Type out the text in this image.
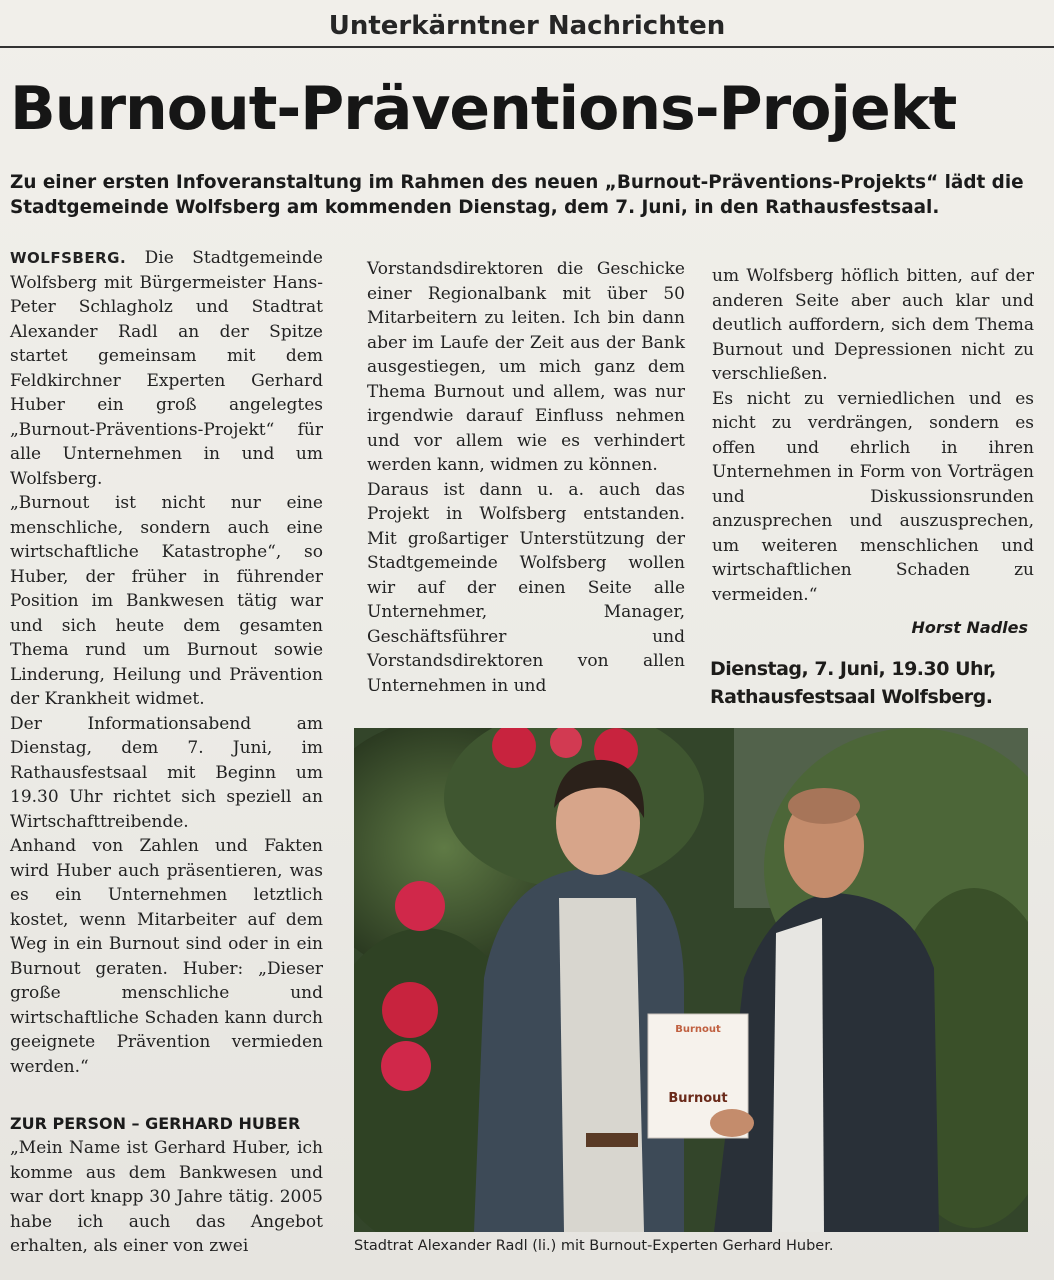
Unterkärntner Nachrichten
Burnout-Präventions-Projekt
Zu einer ersten Infoveranstaltung im Rahmen des neuen „Burnout-Präventions-Projekts“ lädt die Stadtgemeinde Wolfsberg am kommenden Dienstag, dem 7. Juni, in den Rathausfestsaal.

WOLFSBERG. Die Stadtgemeinde Wolfsberg mit Bürgermeister Hans-Peter Schlagholz und Stadtrat Alexander Radl an der Spitze startet gemeinsam mit dem Feldkirchner Experten Gerhard Huber ein groß angelegtes „Burnout-Präventions-Projekt“ für alle Unternehmen in und um Wolfsberg.

„Burnout ist nicht nur eine menschliche, sondern auch eine wirtschaftliche Katastrophe“, so Huber, der früher in führender Position im Bankwesen tätig war und sich heute dem gesamten Thema rund um Burnout sowie Linderung, Heilung und Prävention der Krankheit widmet.

Der Informationsabend am Dienstag, dem 7. Juni, im Rathausfestsaal mit Beginn um 19.30 Uhr richtet sich speziell an Wirtschafttreibende.

Anhand von Zahlen und Fakten wird Huber auch präsentieren, was es ein Unternehmen letztlich kostet, wenn Mitarbeiter auf dem Weg in ein Burnout sind oder in ein Burnout geraten. Huber: „Dieser große menschliche und wirtschaftliche Schaden kann durch geeignete Prävention vermieden werden.“

ZUR PERSON – GERHARD HUBER

„Mein Name ist Gerhard Huber, ich komme aus dem Bankwesen und war dort knapp 30 Jahre tätig. 2005 habe ich auch das Angebot erhalten, als einer von zwei

Vorstandsdirektoren die Geschicke einer Regionalbank mit über 50 Mitarbeitern zu leiten. Ich bin dann aber im Laufe der Zeit aus der Bank ausgestiegen, um mich ganz dem Thema Burnout und allem, was nur irgendwie darauf Einfluss nehmen und vor allem wie es verhindert werden kann, widmen zu können.

Daraus ist dann u. a. auch das Projekt in Wolfsberg entstanden. Mit großartiger Unterstützung der Stadtgemeinde Wolfsberg wollen wir auf der einen Seite alle Unternehmer, Manager, Geschäftsführer und Vorstandsdirektoren von allen Unternehmen in und

um Wolfsberg höflich bitten, auf der anderen Seite aber auch klar und deutlich auffordern, sich dem Thema Burnout und Depressionen nicht zu verschließen.

Es nicht zu verniedlichen und es nicht zu verdrängen, sondern es offen und ehrlich in ihren Unternehmen in Form von Vorträgen und Diskussionsrunden anzusprechen und auszusprechen, um weiteren menschlichen und wirtschaftlichen Schaden zu vermeiden.“

Horst Nadles
Dienstag, 7. Juni, 19.30 Uhr,
Rathausfestsaal Wolfsberg.
Burnout
Burnout
Stadtrat Alexander Radl (li.) mit Burnout-Experten Gerhard Huber.
